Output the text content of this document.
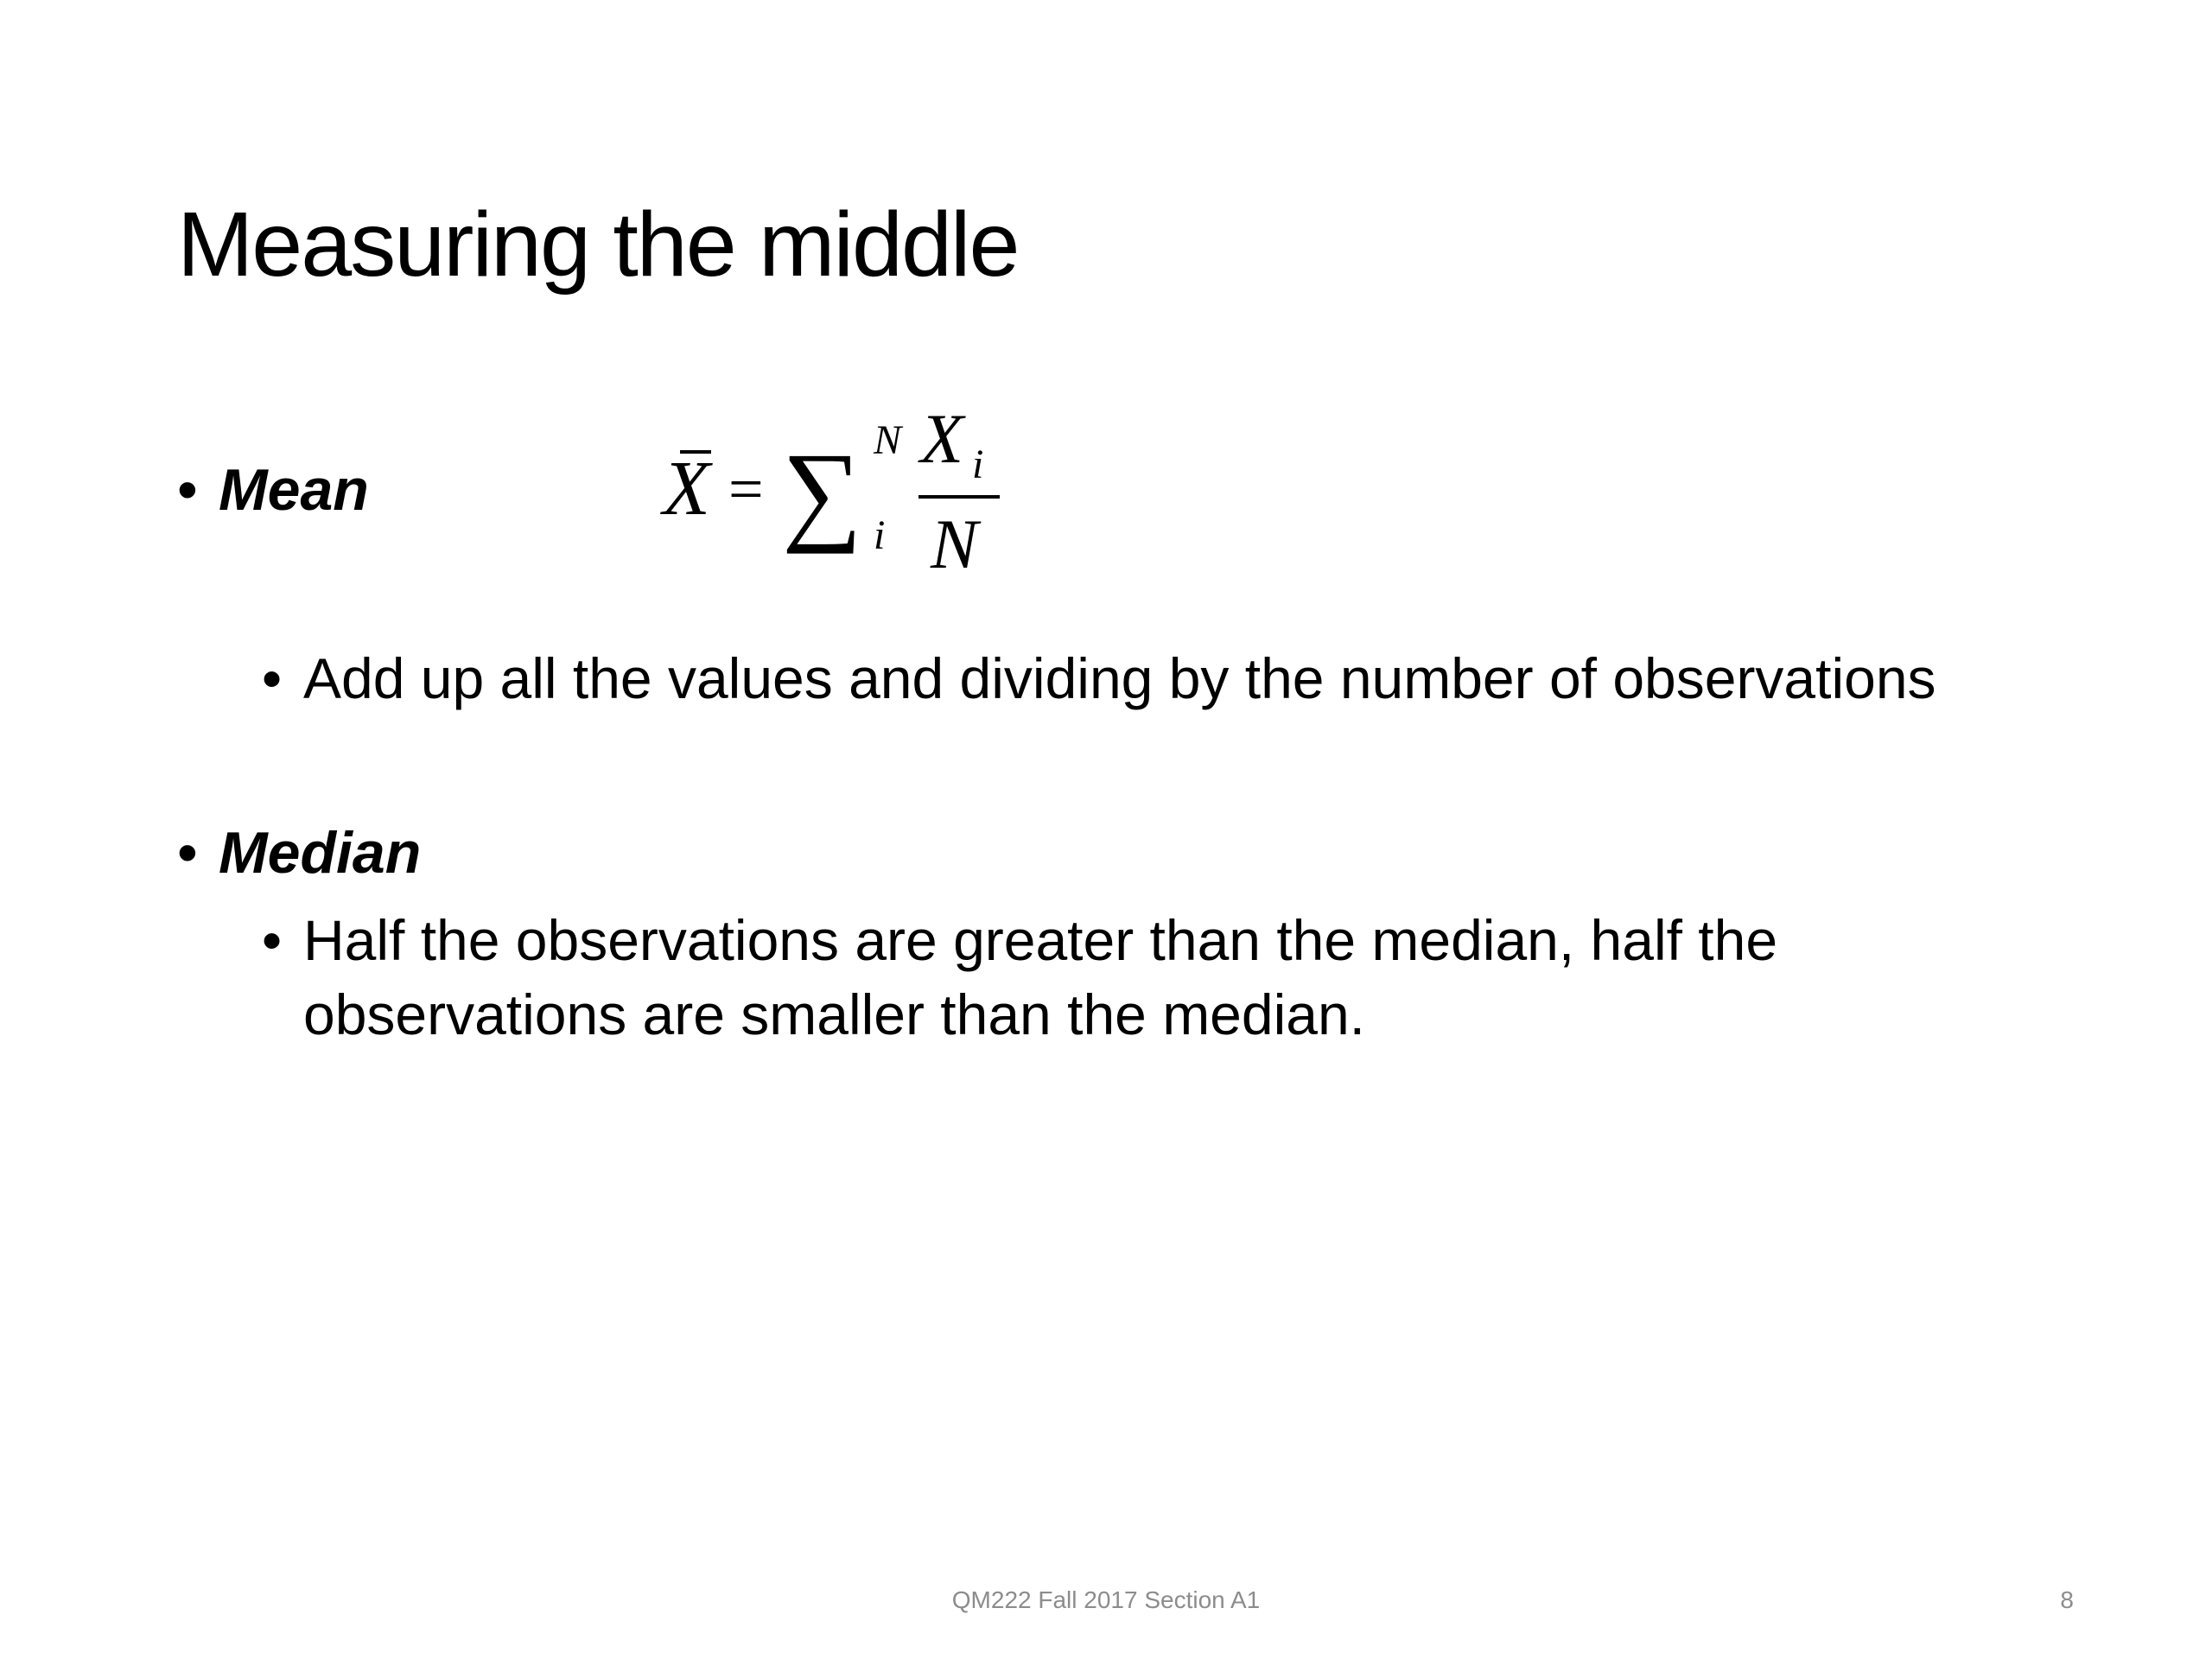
Measuring the middle
• Mean	X = ∑ N
i
X i
N
• Add up all the values and dividing by the number of observations
• Median
• Half the observations are greater than the median, half the observations are smaller than the median.
QM222 Fall 2017 Section A1	8
